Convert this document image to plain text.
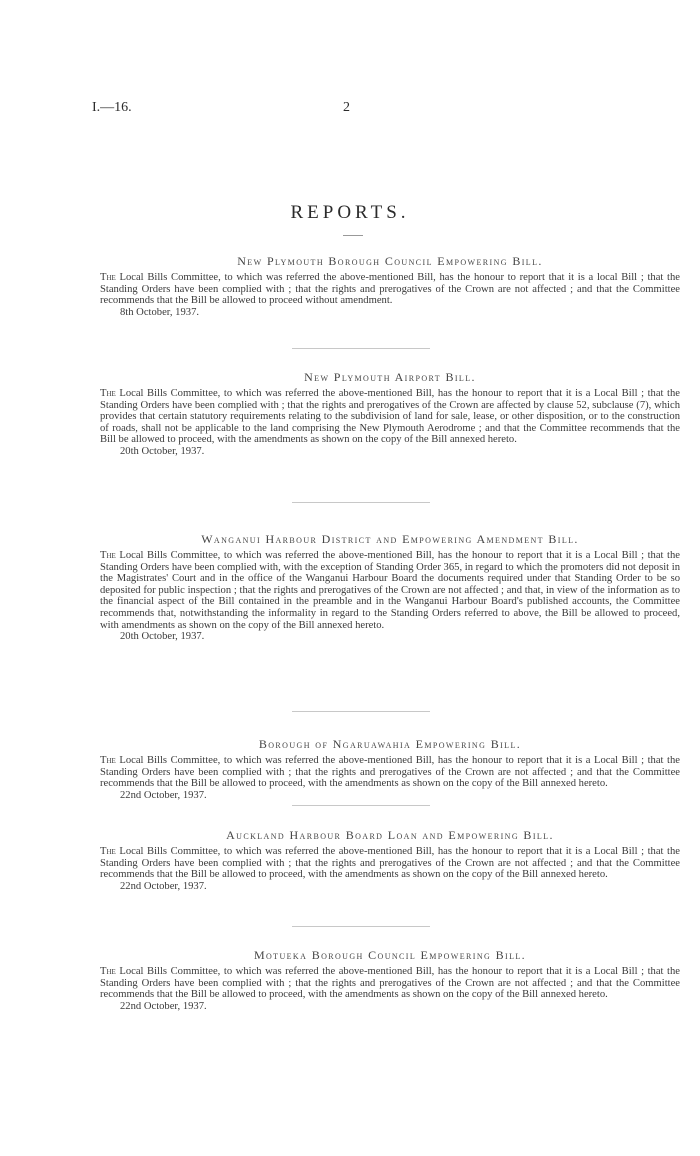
I.—16.	2
REPORTS.
New Plymouth Borough Council Empowering Bill.

The Local Bills Committee, to which was referred the above-mentioned Bill, has the honour to report that it is a local Bill ; that the Standing Orders have been complied with ; that the rights and prerogatives of the Crown are not affected ; and that the Committee recommends that the Bill be allowed to proceed without amendment.

8th October, 1937.
New Plymouth Airport Bill.

The Local Bills Committee, to which was referred the above-mentioned Bill, has the honour to report that it is a Local Bill ; that the Standing Orders have been complied with ; that the rights and prerogatives of the Crown are affected by clause 52, subclause (7), which provides that certain statutory requirements relating to the subdivision of land for sale, lease, or other disposition, or to the construction of roads, shall not be applicable to the land comprising the New Plymouth Aerodrome ; and that the Committee recommends that the Bill be allowed to proceed, with the amendments as shown on the copy of the Bill annexed hereto.

20th October, 1937.
Wanganui Harbour District and Empowering Amendment Bill.

The Local Bills Committee, to which was referred the above-mentioned Bill, has the honour to report that it is a Local Bill ; that the Standing Orders have been complied with, with the exception of Standing Order 365, in regard to which the promoters did not deposit in the Magistrates' Court and in the office of the Wanganui Harbour Board the documents required under that Standing Order to be so deposited for public inspection ; that the rights and prerogatives of the Crown are not affected ; and that, in view of the information as to the financial aspect of the Bill contained in the preamble and in the Wanganui Harbour Board's published accounts, the Committee recommends that, notwithstanding the informality in regard to the Standing Orders referred to above, the Bill be allowed to proceed, with amendments as shown on the copy of the Bill annexed hereto.

20th October, 1937.
Borough of Ngaruawahia Empowering Bill.

The Local Bills Committee, to which was referred the above-mentioned Bill, has the honour to report that it is a Local Bill ; that the Standing Orders have been complied with ; that the rights and prerogatives of the Crown are not affected ; and that the Committee recommends that the Bill be allowed to proceed, with the amendments as shown on the copy of the Bill annexed hereto.

22nd October, 1937.
Auckland Harbour Board Loan and Empowering Bill.

The Local Bills Committee, to which was referred the above-mentioned Bill, has the honour to report that it is a Local Bill ; that the Standing Orders have been complied with ; that the rights and prerogatives of the Crown are not affected ; and that the Committee recommends that the Bill be allowed to proceed, with the amendments as shown on the copy of the Bill annexed hereto.

22nd October, 1937.
Motueka Borough Council Empowering Bill.

The Local Bills Committee, to which was referred the above-mentioned Bill, has the honour to report that it is a Local Bill ; that the Standing Orders have been complied with ; that the rights and prerogatives of the Crown are not affected ; and that the Committee recommends that the Bill be allowed to proceed, with the amendments as shown on the copy of the Bill annexed hereto.

22nd October, 1937.
